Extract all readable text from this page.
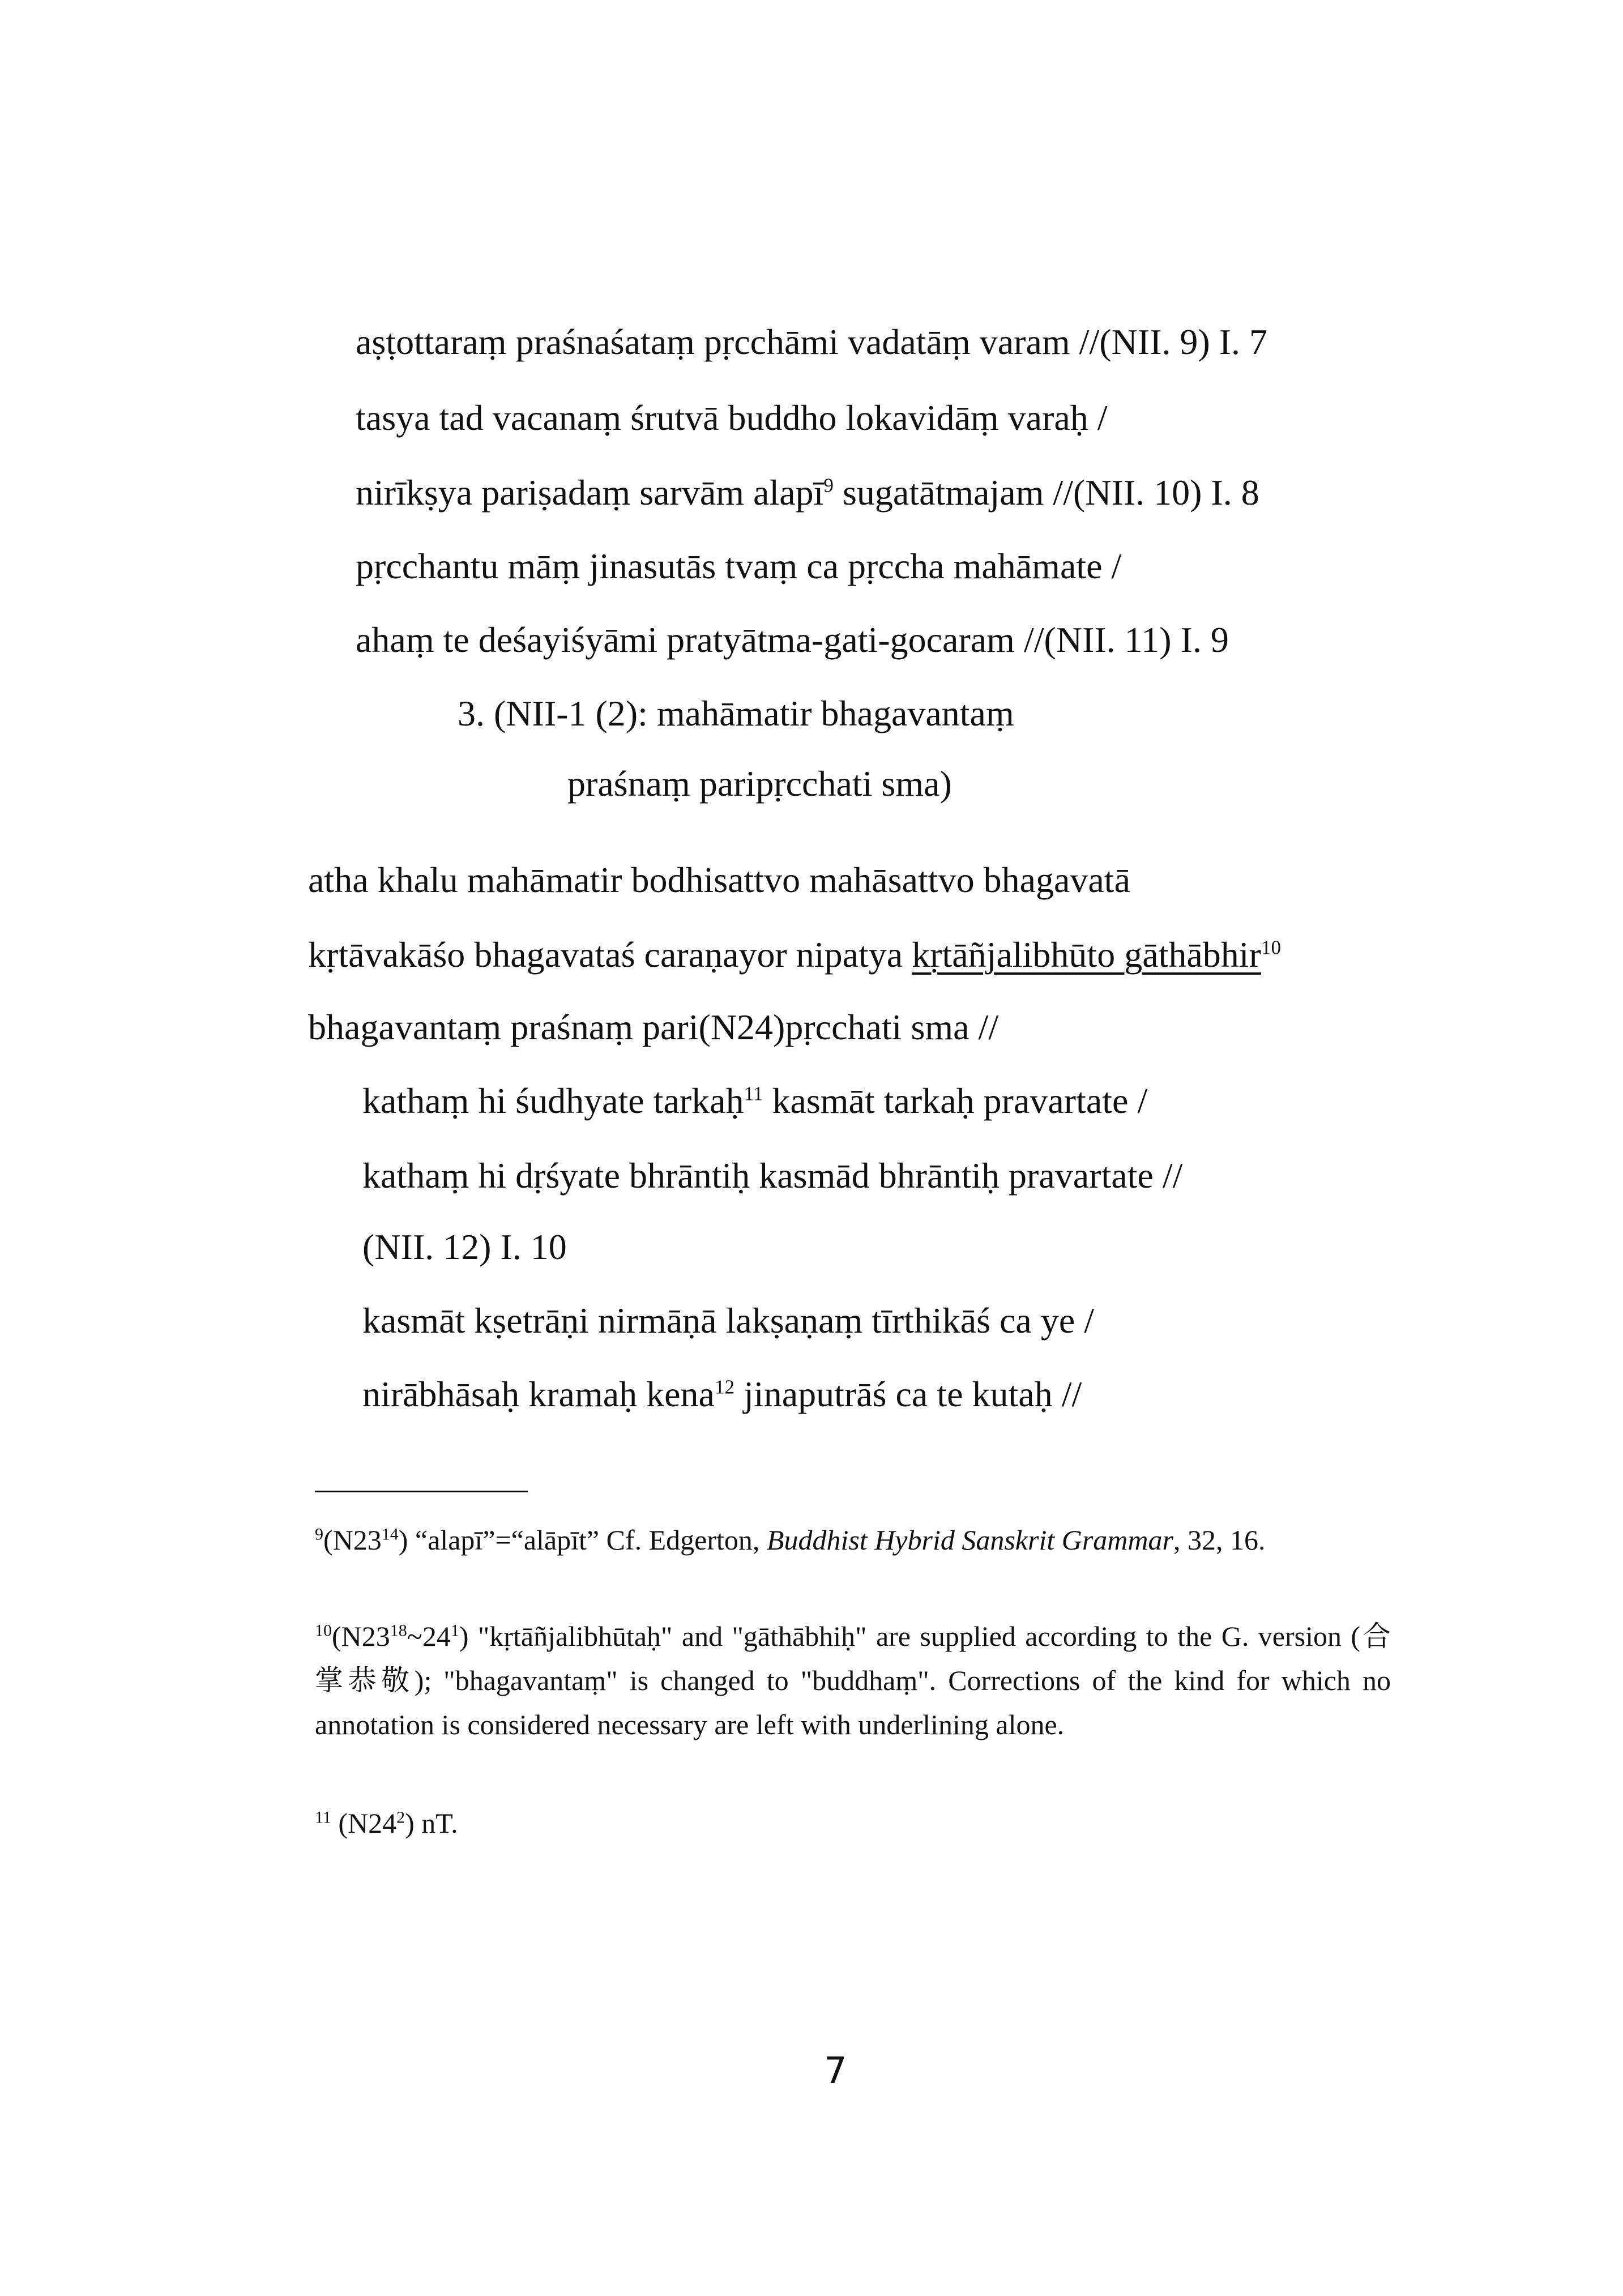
aṣṭottaraṃ praśnaśataṃ pṛcchāmi vadatāṃ varam //(NII. 9) I. 7
tasya tad vacanaṃ śrutvā buddho lokavidāṃ varaḥ /
nirīkṣya pariṣadaṃ sarvām alapī$^9$ sugatātmajam //(NII. 10) I. 8
pṛcchantu māṃ jinasutās tvaṃ ca pṛccha mahāmate /
ahaṃ te deśayiśyāmi pratyātma-gati-gocaram //(NII. 11) I. 9
3. (NII-1 (2): mahāmatir bhagavantaṃ
praśnaṃ paripṛcchati sma)
atha khalu mahāmatir bodhisattvo mahāsattvo bhagavatā
kṛtāvakāśo bhagavataś caraṇayor nipatya kṛtāñjalibhūto gāthābhir$^{10}$
bhagavantaṃ praśnaṃ pari(N24)pṛcchati sma //
kathaṃ hi śudhyate tarkaḥ$^{11}$ kasmāt tarkaḥ pravartate /
kathaṃ hi dṛśyate bhrāntiḥ kasmād bhrāntiḥ pravartate //
(NII. 12) I. 10
kasmāt kṣetrāṇi nirmāṇā lakṣaṇaṃ tīrthikāś ca ye /
nirābhāsaḥ kramaḥ kena$^{12}$ jinaputrāś ca te kutaḥ //
$^9(N23^{14})$ “alapī”=“alāpīt” Cf. Edgerton, Buddhist Hybrid Sanskrit Grammar, 32, 16.
$^{10}(N23^{18}\sim 24^1)$ "kṛtāñjalibhūtaḥ" and "gāthābhiḥ" are supplied according to the G. version (合掌恭敬); "bhagavantaṃ" is changed to "buddhaṃ". Corrections of the kind for which no annotation is considered necessary are left with underlining alone.
$^{11}$ $(N24^2)$ nT.
7
